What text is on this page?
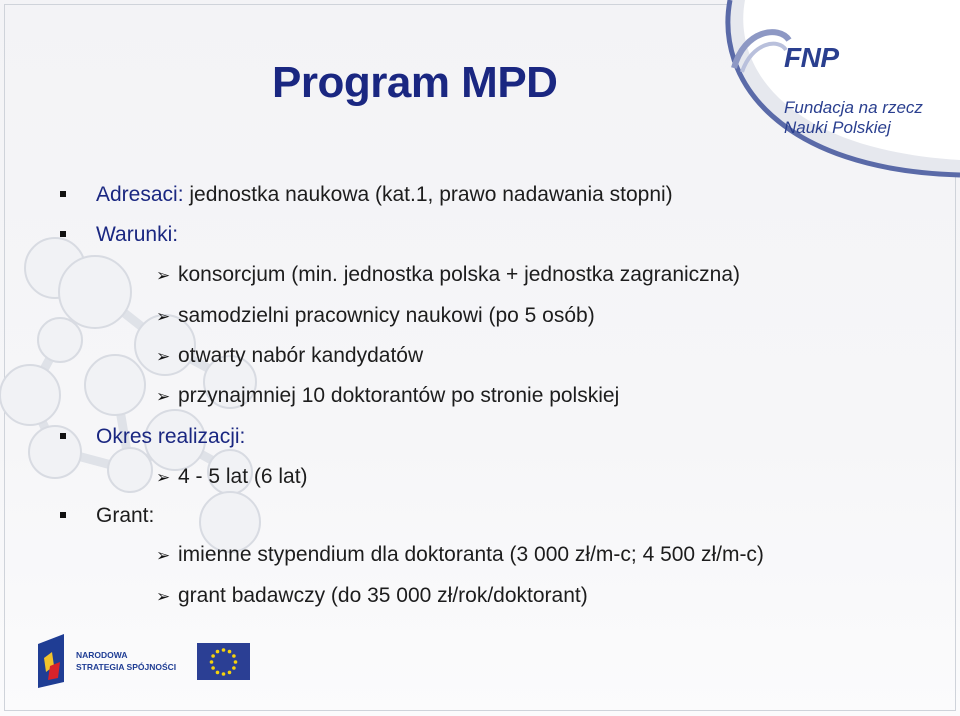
FNP
Fundacja na rzecz
Nauki Polskiej
Program MPD
Adresaci: jednostka naukowa (kat.1, prawo nadawania stopni)
Warunki:
➢ konsorcjum (min. jednostka polska + jednostka zagraniczna)
➢ samodzielni pracownicy naukowi (po 5 osób)
➢ otwarty nabór kandydatów
➢ przynajmniej 10 doktorantów po stronie polskiej
Okres realizacji:
➢ 4 - 5 lat (6 lat)
Grant:
➢ imienne stypendium dla doktoranta (3 000 zł/m-c; 4 500 zł/m-c)
➢ grant badawczy (do 35 000 zł/rok/doktorant)
NARODOWA
STRATEGIA SPÓJNOŚCI
